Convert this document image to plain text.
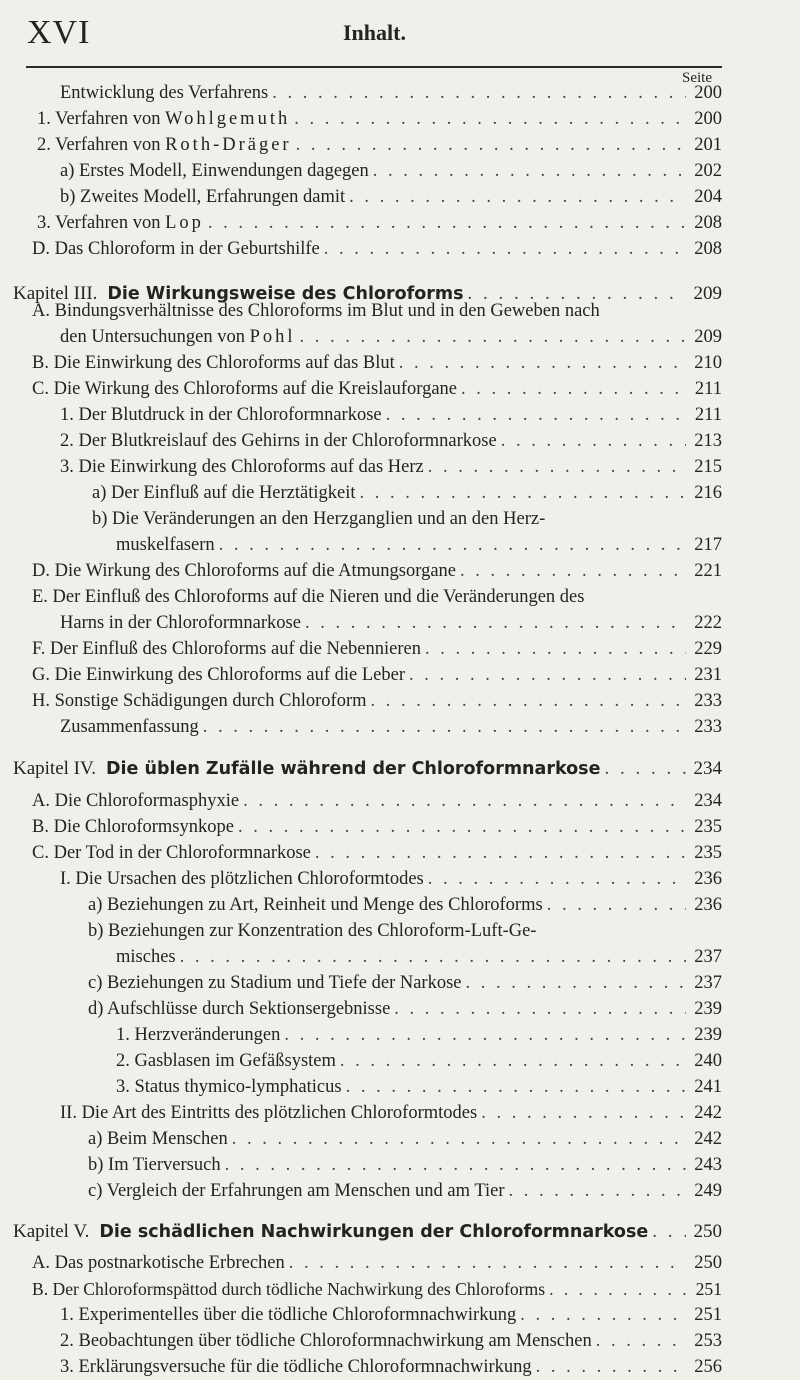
XVI	Inhalt.
Seite
Entwicklung des Verfahrens . . .	200
1. Verfahren von Wohlgemuth . . .	200
2. Verfahren von Roth-Dräger . . .	201
a) Erstes Modell, Einwendungen dagegen . . .	202
b) Zweites Modell, Erfahrungen damit . . .	204
3. Verfahren von Lop . . .	208
D. Das Chloroform in der Geburtshilfe . . .	208
Kapitel III. Die Wirkungsweise des Chloroforms . . .	209
A. Bindungsverhältnisse des Chloroforms im Blut und in den Geweben nach
den Untersuchungen von Pohl . . .	209
B. Die Einwirkung des Chloroforms auf das Blut . . .	210
C. Die Wirkung des Chloroforms auf die Kreislauforgane . . .	211
1. Der Blutdruck in der Chloroformnarkose . . .	211
2. Der Blutkreislauf des Gehirns in der Chloroformnarkose . . .	213
3. Die Einwirkung des Chloroforms auf das Herz . . .	215
a) Der Einfluß auf die Herztätigkeit . . .	216
b) Die Veränderungen an den Herzganglien und an den Herz-
muskelfasern . . .	217
D. Die Wirkung des Chloroforms auf die Atmungsorgane . . .	221
E. Der Einfluß des Chloroforms auf die Nieren und die Veränderungen des
Harns in der Chloroformnarkose . . .	222
F. Der Einfluß des Chloroforms auf die Nebennieren . . .	229
G. Die Einwirkung des Chloroforms auf die Leber . . .	231
H. Sonstige Schädigungen durch Chloroform . . .	233
Zusammenfassung . . .	233
Kapitel IV. Die üblen Zufälle während der Chloroformnarkose . . .	234
A. Die Chloroformasphyxie . . .	234
B. Die Chloroformsynkope . . .	235
C. Der Tod in der Chloroformnarkose . . .	235
I. Die Ursachen des plötzlichen Chloroformtodes . . .	236
a) Beziehungen zu Art, Reinheit und Menge des Chloroforms . . .	236
b) Beziehungen zur Konzentration des Chloroform-Luft-Ge-
misches . . .	237
c) Beziehungen zu Stadium und Tiefe der Narkose . . .	237
d) Aufschlüsse durch Sektionsergebnisse . . .	239
1. Herzveränderungen . . .	239
2. Gasblasen im Gefäßsystem . . .	240
3. Status thymico-lymphaticus . . .	241
II. Die Art des Eintritts des plötzlichen Chloroformtodes . . .	242
a) Beim Menschen . . .	242
b) Im Tierversuch . . .	243
c) Vergleich der Erfahrungen am Menschen und am Tier . . .	249
Kapitel V. Die schädlichen Nachwirkungen der Chloroformnarkose . . . 250
A. Das postnarkotische Erbrechen . . .	250
B. Der Chloroformspättod durch tödliche Nachwirkung des Chloroforms . . .	251
1. Experimentelles über die tödliche Chloroformnachwirkung . . .	251
2. Beobachtungen über tödliche Chloroformnachwirkung am Menschen . . .	253
3. Erklärungsversuche für die tödliche Chloroformnachwirkung . . .	256
